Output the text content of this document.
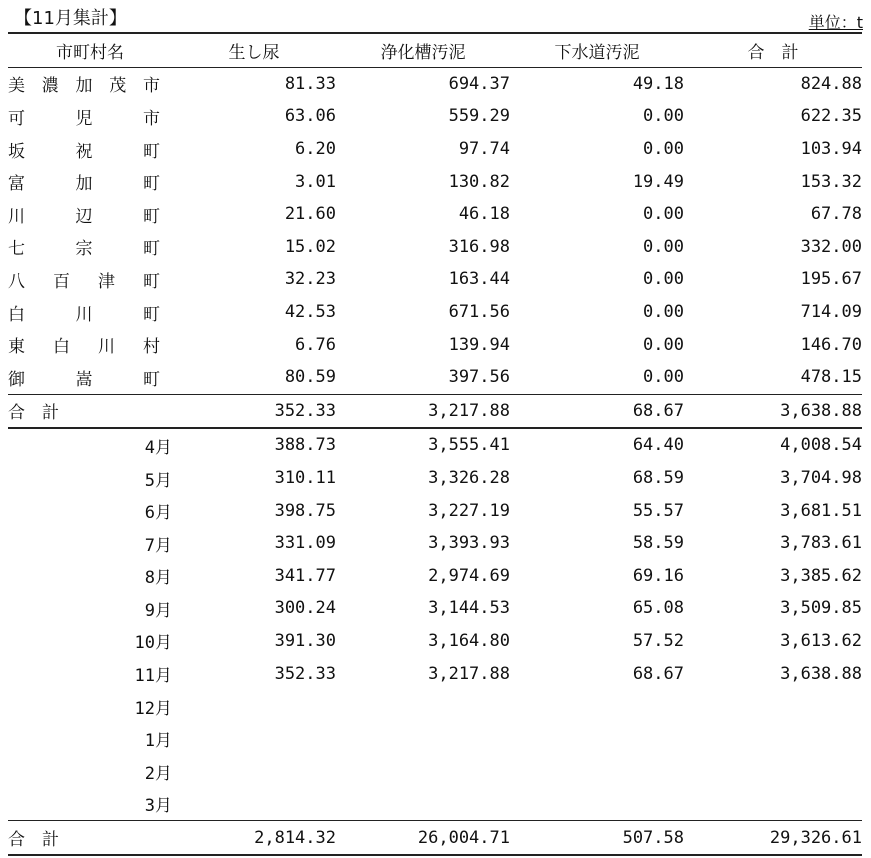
【11月集計】	単位：t
市町村名	生し尿	浄化槽汚泥	下水道汚泥	合　計

美 濃 加 茂 市	81.33	694.37	49.18	824.88

可 児 市	63.06	559.29	0.00	622.35

坂 祝 町	6.20	97.74	0.00	103.94

富 加 町	3.01	130.82	19.49	153.32

川 辺 町	21.60	46.18	0.00	67.78

七 宗 町	15.02	316.98	0.00	332.00

八 百 津 町	32.23	163.44	0.00	195.67

白 川 町	42.53	671.56	0.00	714.09

東 白 川 村	6.76	139.94	0.00	146.70

御 嵩 町	80.59	397.56	0.00	478.15
合　計	352.33	3,217.88	68.67	3,638.88
4月	388.73	3,555.41	64.40	4,008.54
5月	310.11	3,326.28	68.59	3,704.98
6月	398.75	3,227.19	55.57	3,681.51
7月	331.09	3,393.93	58.59	3,783.61
8月	341.77	2,974.69	69.16	3,385.62
9月	300.24	3,144.53	65.08	3,509.85
10月	391.30	3,164.80	57.52	3,613.62
11月	352.33	3,217.88	68.67	3,638.88
12月				
1月				
2月				
3月				
合　計	2,814.32	26,004.71	507.58	29,326.61
